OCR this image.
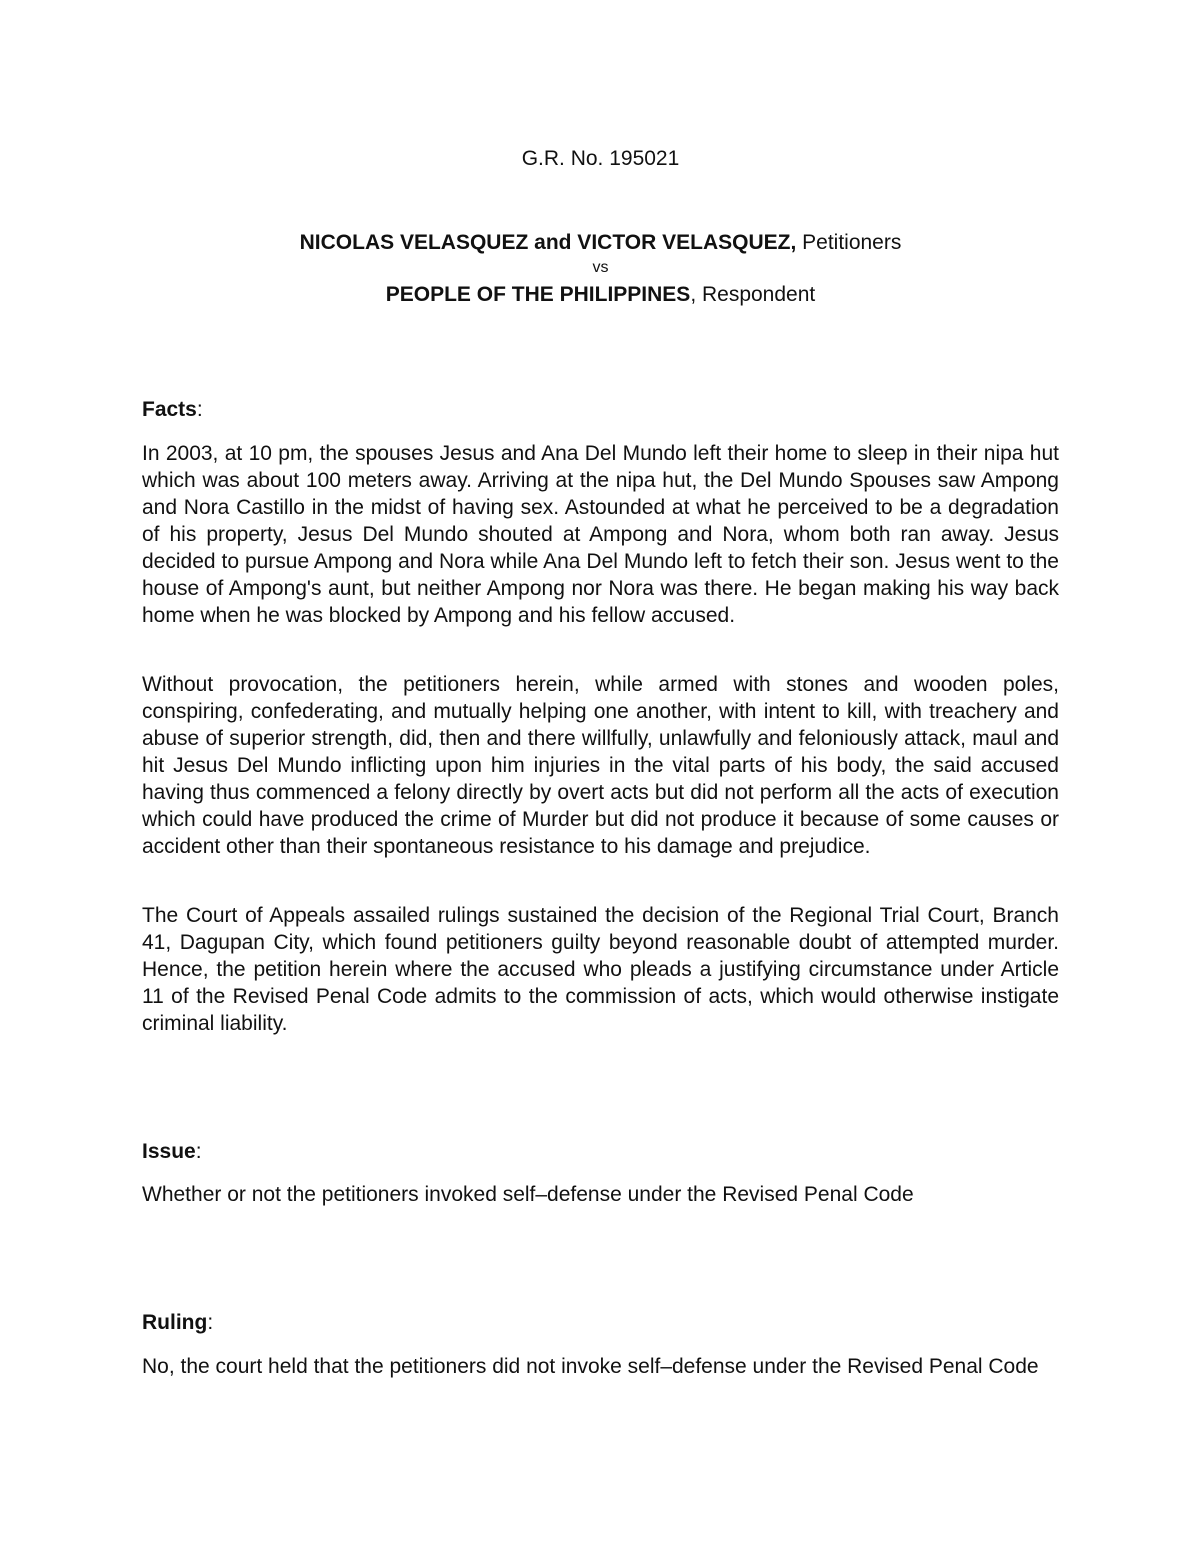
G.R. No. 195021
NICOLAS VELASQUEZ and VICTOR VELASQUEZ, Petitioners
vs
PEOPLE OF THE PHILIPPINES, Respondent
Facts:

In 2003, at 10 pm, the spouses Jesus and Ana Del Mundo left their home to sleep in their nipa hut which was about 100 meters away. Arriving at the nipa hut, the Del Mundo Spouses saw Ampong and Nora Castillo in the midst of having sex. Astounded at what he perceived to be a degradation of his property, Jesus Del Mundo shouted at Ampong and Nora, whom both ran away. Jesus decided to pursue Ampong and Nora while Ana Del Mundo left to fetch their son. Jesus went to the house of Ampong's aunt, but neither Ampong nor Nora was there. He began making his way back home when he was blocked by Ampong and his fellow accused.

Without provocation, the petitioners herein, while armed with stones and wooden poles, conspiring, confederating, and mutually helping one another, with intent to kill, with treachery and abuse of superior strength, did, then and there willfully, unlawfully and feloniously attack, maul and hit Jesus Del Mundo inflicting upon him injuries in the vital parts of his body, the said accused having thus commenced a felony directly by overt acts but did not perform all the acts of execution which could have produced the crime of Murder but did not produce it because of some causes or accident other than their spontaneous resistance to his damage and prejudice.

The Court of Appeals assailed rulings sustained the decision of the Regional Trial Court, Branch 41, Dagupan City, which found petitioners guilty beyond reasonable doubt of attempted murder. Hence, the petition herein where the accused who pleads a justifying circumstance under Article 11 of the Revised Penal Code admits to the commission of acts, which would otherwise instigate criminal liability.

Issue:

Whether or not the petitioners invoked self–defense under the Revised Penal Code

Ruling:

No, the court held that the petitioners did not invoke self–defense under the Revised Penal Code
